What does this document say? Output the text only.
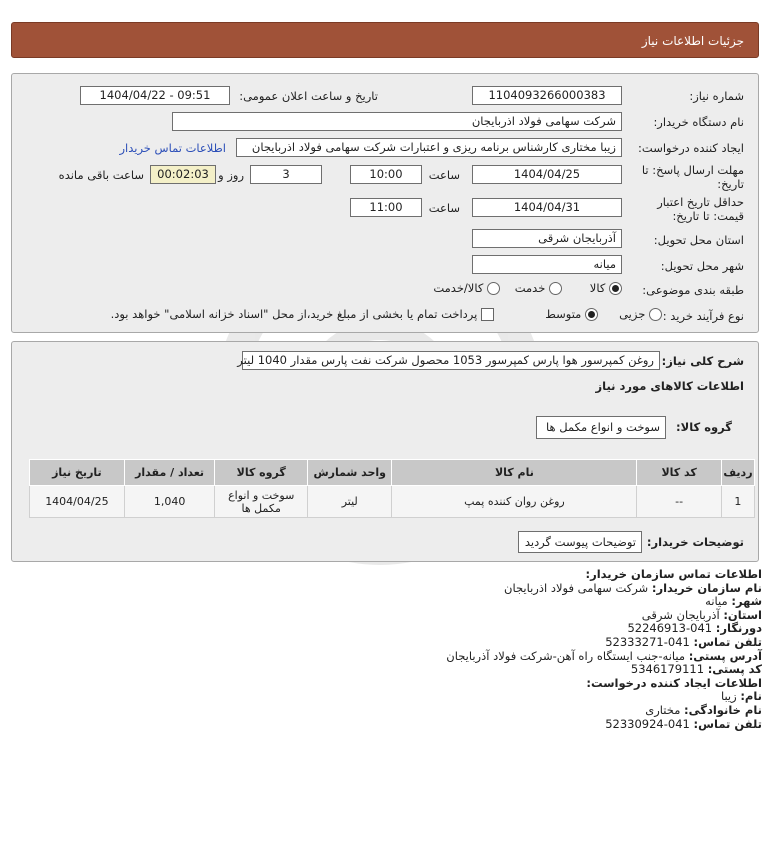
جزئیات اطلاعات نیاز
شماره نیاز:
1104093266000383
تاریخ و ساعت اعلان عمومی:
1404/04/22 - 09:51
نام دستگاه خریدار:
شرکت سهامی فولاد اذربایجان
ایجاد کننده درخواست:
زیبا مختاری کارشناس برنامه ریزی و اعتبارات شرکت سهامی فولاد اذربایجان
اطلاعات تماس خریدار
مهلت ارسال پاسخ: تا
تاریخ:
1404/04/25
ساعت
10:00
3
روز و
00:02:03
ساعت باقی مانده
حداقل تاریخ اعتبار
قیمت: تا تاریخ:
1404/04/31
ساعت
11:00
استان محل تحویل:
آذربایجان شرقی
شهر محل تحویل:
میانه
طبقه بندی موضوعی:
کالا
خدمت
کالا/خدمت
نوع فرآیند خرید :
جزیی
متوسط
پرداخت تمام یا بخشی از مبلغ خرید،از محل "اسناد خزانه اسلامی" خواهد بود.
شرح کلی نیاز:
روغن کمپرسور هوا پارس کمپرسور 1053 محصول شرکت نفت پارس مقدار 1040 لیتر
اطلاعات کالاهای مورد نیاز
گروه کالا:
سوخت و انواع مکمل ها
ردیف	کد کالا	نام کالا	واحد شمارش	گروه کالا	تعداد / مقدار	تاریخ نیاز
1	--	روغن روان کننده پمپ	لیتر	سوخت و انواع مکمل ها	1,040	1404/04/25
توضیحات خریدار:
توضیحات پیوست گردید
اطلاعات تماس سازمان خریدار:
نام سازمان خریدار: شرکت سهامی فولاد اذربایجان
شهر: میانه
استان: آذربایجان شرقی
دورنگار: 041-52246913
تلفن تماس: 041-52333271
آدرس پستی: میانه-جنب ایستگاه راه آهن-شرکت فولاد آذربایجان
کد پستی: 5346179111
اطلاعات ایجاد کننده درخواست:
نام: زیبا
نام خانوادگی: مختاری
تلفن تماس: 041-52330924
